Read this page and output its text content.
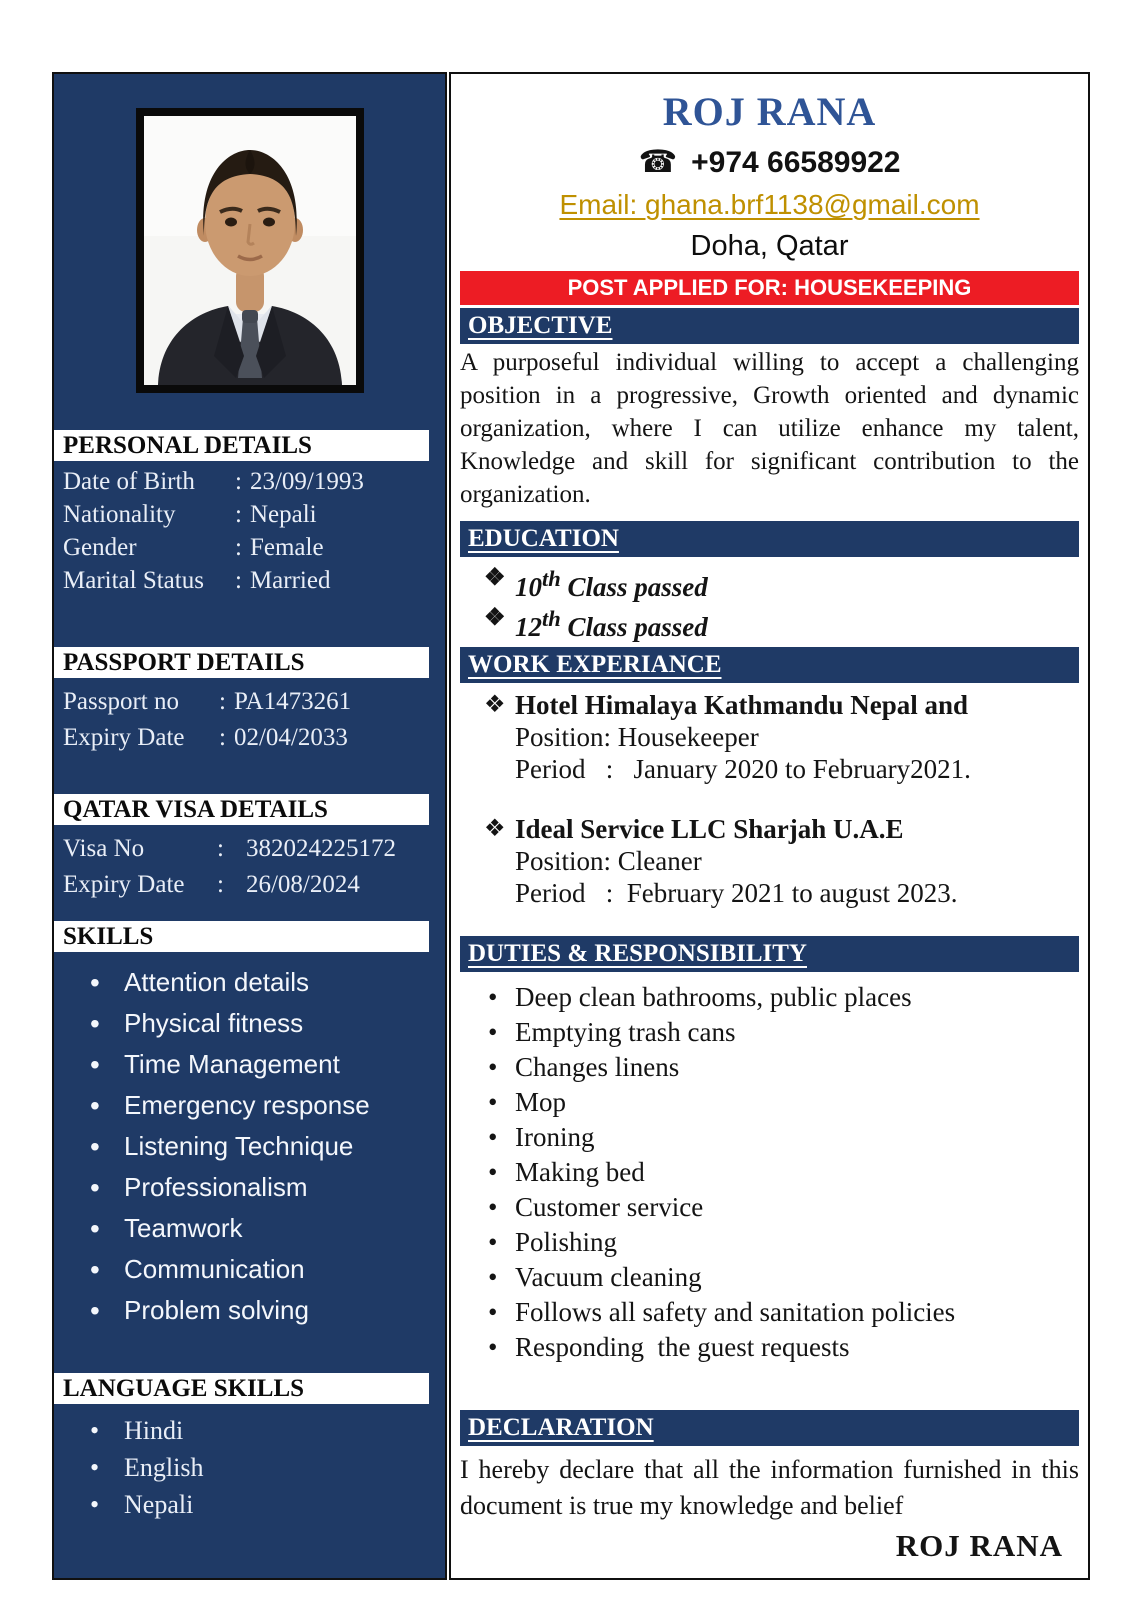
PERSONAL DETAILS
Date of Birth	: 23/09/1993
Nationality	: Nepali
Gender	: Female
Marital Status	: Married
PASSPORT DETAILS
Passport no	: PA1473261
Expiry Date	: 02/04/2033
QATAR VISA DETAILS
Visa No	: 382024225172
Expiry Date	: 26/08/2024
SKILLS
• Attention details
• Physical fitness
• Time Management
• Emergency response
• Listening Technique
• Professionalism
• Teamwork
• Communication
• Problem solving
LANGUAGE SKILLS
• Hindi
• English
• Nepali
ROJ RANA
☎ +974 66589922
Email: ghana.brf1138@gmail.com
Doha, Qatar
POST APPLIED FOR: HOUSEKEEPING
OBJECTIVE
A purposeful individual willing to accept a challenging position in a progressive, Growth oriented and dynamic organization, where I can utilize enhance my talent, Knowledge and skill for significant contribution to the organization.
EDUCATION
❖ 10th Class passed
❖ 12th Class passed
WORK EXPERIANCE
❖ Hotel Himalaya Kathmandu Nepal and
Position: Housekeeper
Period   :   January 2020 to February2021.
❖ Ideal Service LLC Sharjah U.A.E
Position: Cleaner
Period   :  February 2021 to august 2023.
DUTIES & RESPONSIBILITY
• Deep clean bathrooms, public places
• Emptying trash cans
• Changes linens
• Mop
• Ironing
• Making bed
• Customer service
• Polishing
• Vacuum cleaning
• Follows all safety and sanitation policies
• Responding  the guest requests
DECLARATION
I hereby declare that all the information furnished in this document is true my knowledge and belief
ROJ RANA
